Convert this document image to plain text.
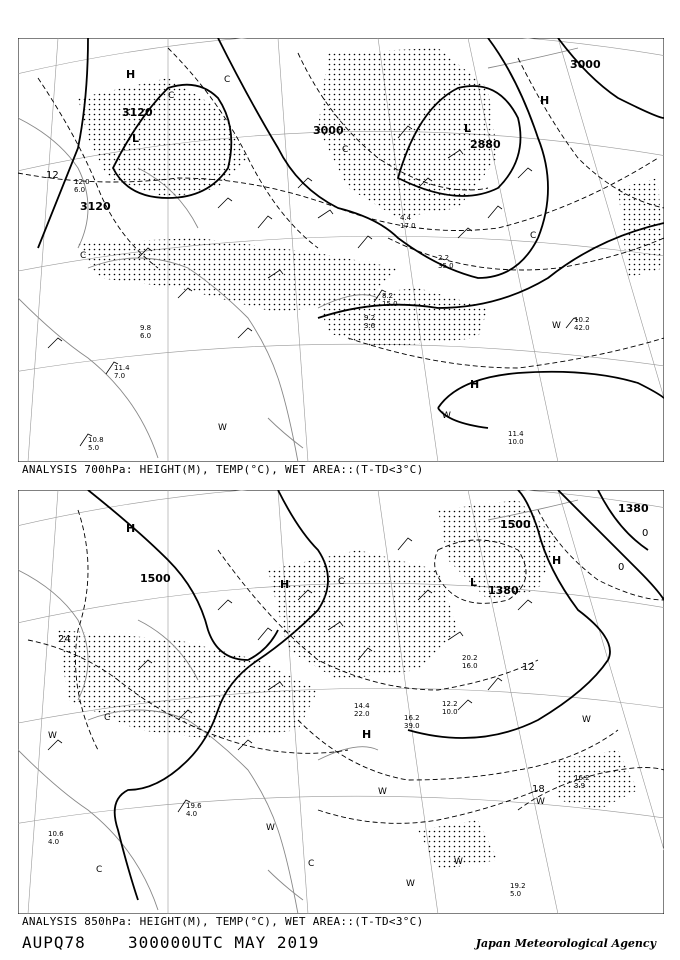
3000
3000
3120
3120
2880
12
H
L
L
H
H
C
C
C
C
C
W
W
W
11.4
10.0
10.2
42.0
8.2
15.0
10.8
5.0
11.4
7.0
9.2
3.6
2.2
35.0
12.0
6.0
9.8
6.0
4.4
17.0
ANALYSIS 700hPa: HEIGHT(M), TEMP(°C), WET AREA::(T-TD<3°C)
1500
1500
1380
1380
24
12
18
0
0
H
H	L
H
H
C
C
C
C
W
W
W
W
W
W
W
19.2
5.0
16.2
3.9
19.6
4.0
14.4
22.0	16.2
39.0
12.2
10.0
10.6
4.0
20.2
16.0
ANALYSIS 850hPa: HEIGHT(M), TEMP(°C), WET AREA::(T-TD<3°C)
AUPQ78	300000UTC MAY 2019	Japan Meteorological Agency
